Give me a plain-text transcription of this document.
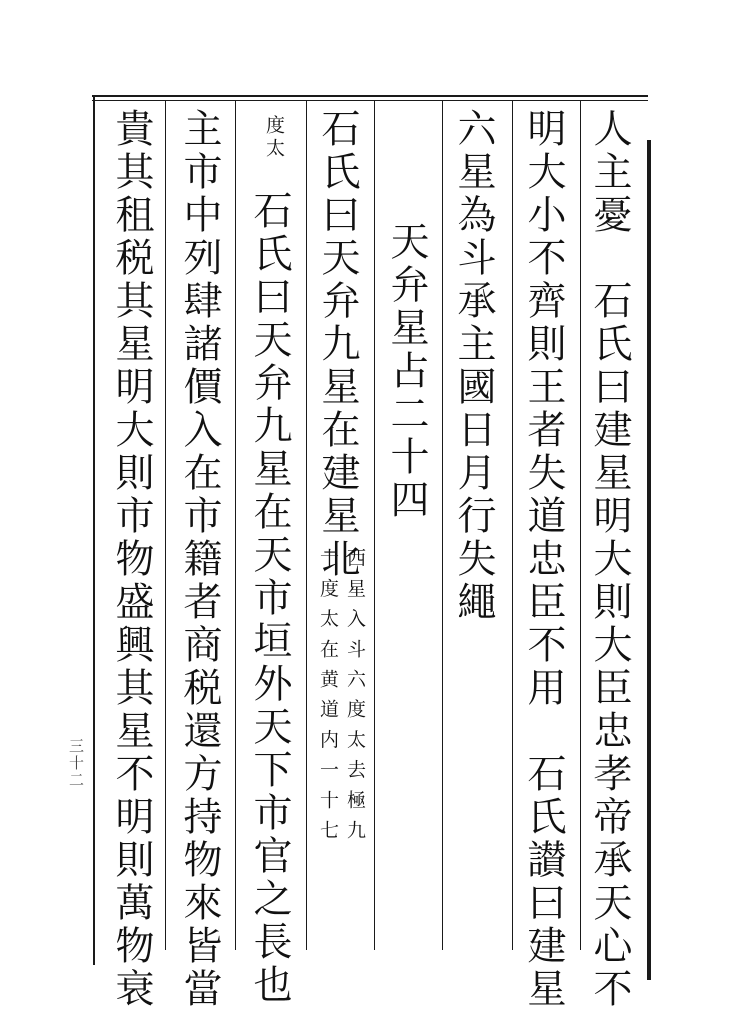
三十二	人主憂　石氏曰建星明大則大臣忠孝帝承天心不
明大小不齊則王者失道忠臣不用　石氏讃曰建星
六星為斗承主國日月行失繩
天弁星占二十四
石氏曰天弁九星在建星北
西星入斗六度太去極九
十度太在黄道内一十七
度太
石氏曰天弁九星在天市垣外天下市官之長也
主市中列肆諸價入在市籍者商税還方持物來皆當
貴其租税其星明大則市物盛興其星不明則萬物衰
